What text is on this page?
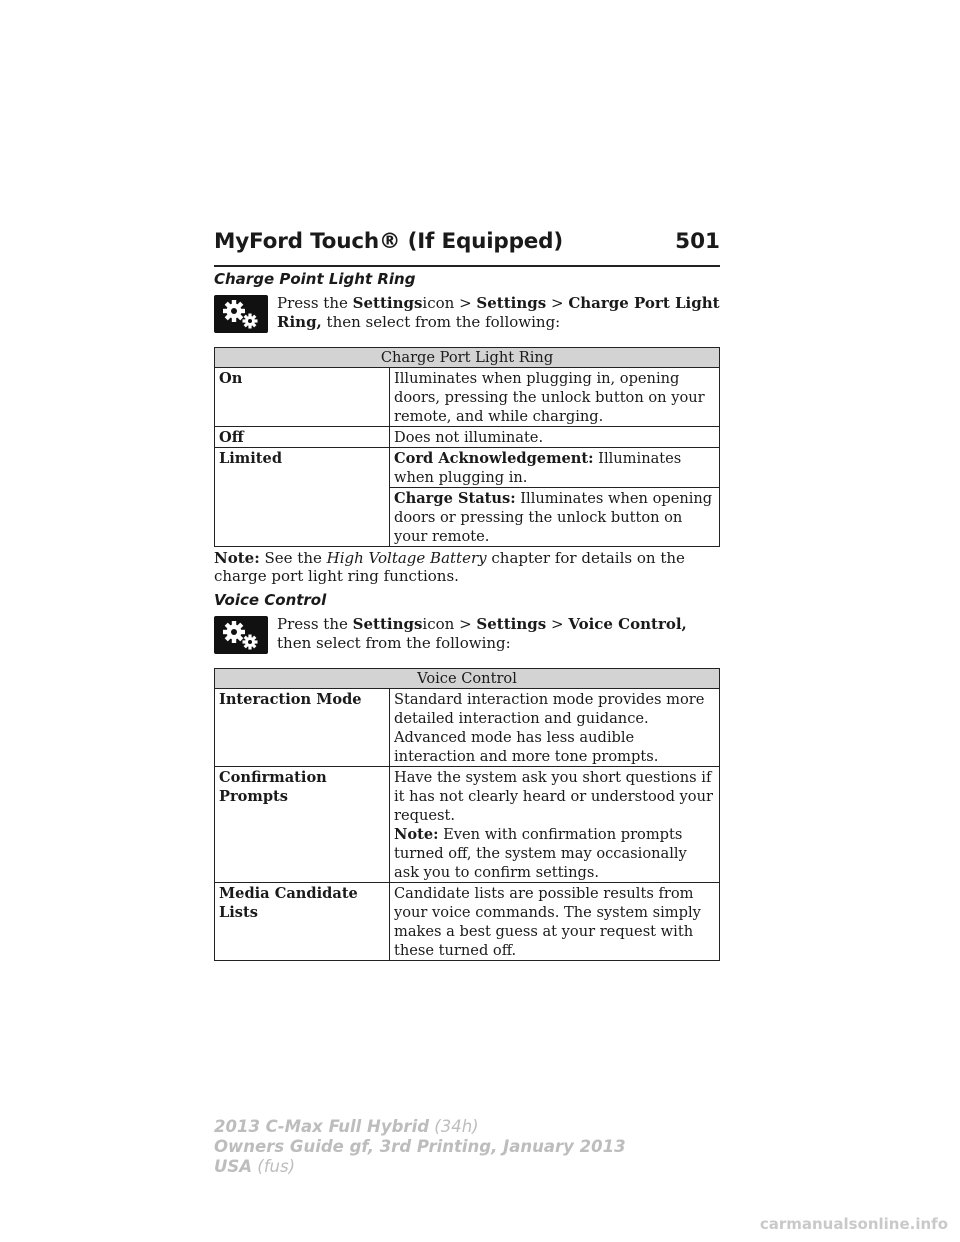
MyFord Touch® (If Equipped)	501
Charge Point Light Ring
Press the Settingsicon > Settings > Charge Port Light Ring, then select from the following:
Charge Port Light Ring	
On	Illuminates when plugging in, opening doors, pressing the unlock button on your remote, and while charging.
Off	Does not illuminate.
Limited	Cord Acknowledgement: Illuminates when plugging in.
	Charge Status: Illuminates when opening doors or pressing the unlock button on your remote.
Note: See the High Voltage Battery chapter for details on the charge port light ring functions.
Voice Control
Press the Settingsicon > Settings > Voice Control, then select from the following:
Voice Control	
Interaction Mode	Standard interaction mode provides more detailed interaction and guidance. Advanced mode has less audible interaction and more tone prompts.
Confirmation Prompts	Have the system ask you short questions if it has not clearly heard or understood your request.
Note: Even with confirmation prompts turned off, the system may occasionally ask you to confirm settings.

Media Candidate Lists	Candidate lists are possible results from your voice commands. The system simply makes a best guess at your request with these turned off.
2013 C-Max Full Hybrid (34h)
Owners Guide gf, 3rd Printing, January 2013
USA (fus)
carmanualsonline.info
